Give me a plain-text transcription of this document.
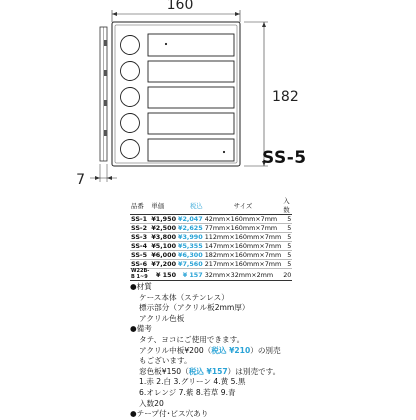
160
182
7
SS-5
品番	単価	税込	サイズ	入数
SS-1	¥1,950	¥2,047	42mm×160mm×7mm	5
SS-2	¥2,500	¥2,625	77mm×160mm×7mm	5
SS-3	¥3,800	¥3,990	112mm×160mm×7mm	5
SS-4	¥5,100	¥5,355	147mm×160mm×7mm	5
SS-5	¥6,000	¥6,300	182mm×160mm×7mm	5
SS-6	¥7,200	¥7,560	217mm×160mm×7mm	5
W22B-B 1~9	¥ 150	¥ 157	32mm×32mm×2mm	20
●材質
ケース本体（ステンレス）
標示部分（アクリル板2mm厚）
アクリル色板
●備考
タテ、ヨコにご使用できます。
アクリル中板¥200（税込 ¥210）の別売
もございます。
窓色板¥150（税込 ¥157）は別売です。
1.赤 2.白 3.グリーン 4.黄 5.黒
6.オレンジ 7.紫 8.若草 9.青
入数20
●テープ付･ビス穴あり
